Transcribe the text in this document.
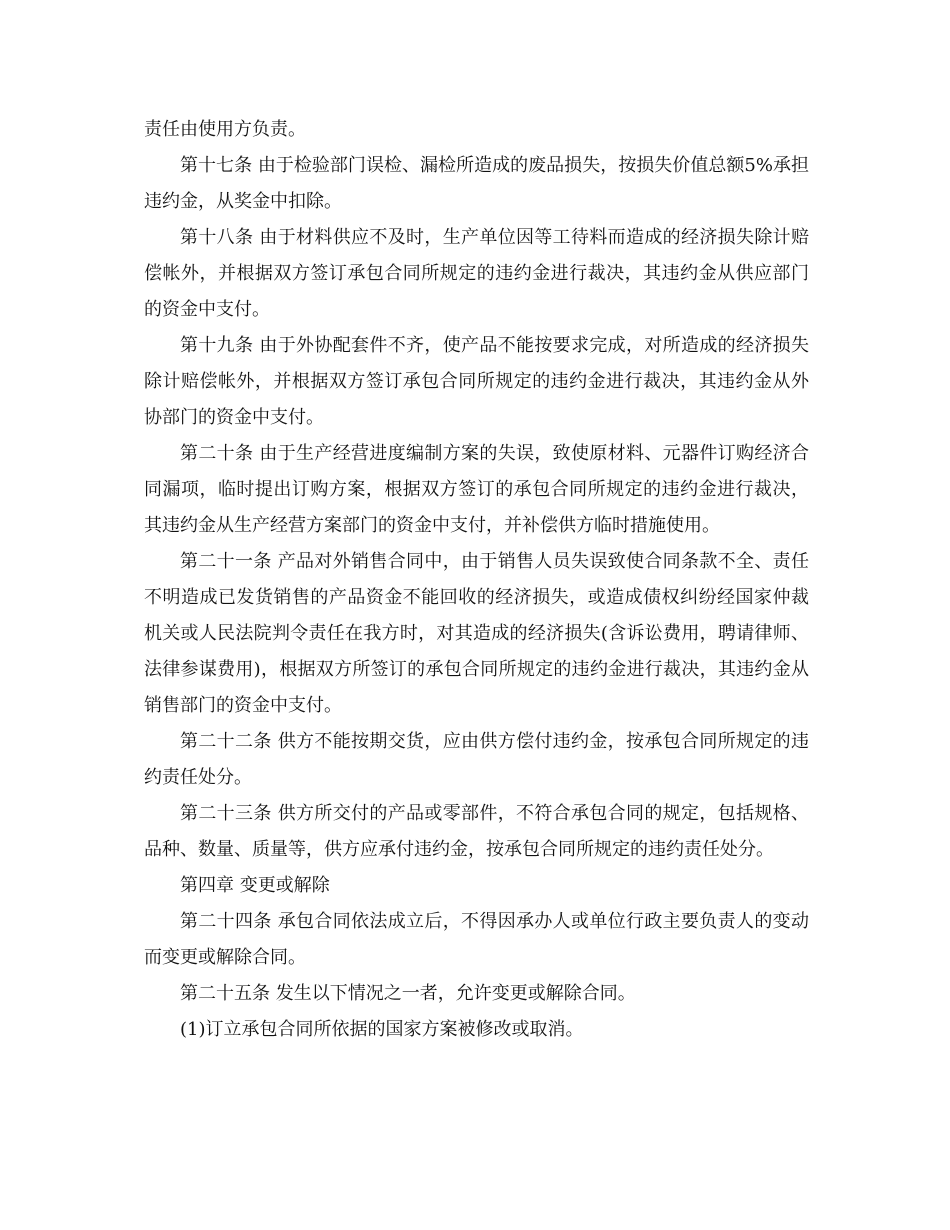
责任由使用方负责。

第十七条 由于检验部门误检、漏检所造成的废品损失，按损失价值总额5%承担违约金，从奖金中扣除。

第十八条 由于材料供应不及时，生产单位因等工待料而造成的经济损失除计赔偿帐外，并根据双方签订承包合同所规定的违约金进行裁决，其违约金从供应部门的资金中支付。

第十九条 由于外协配套件不齐，使产品不能按要求完成，对所造成的经济损失除计赔偿帐外，并根据双方签订承包合同所规定的违约金进行裁决，其违约金从外协部门的资金中支付。

第二十条 由于生产经营进度编制方案的失误，致使原材料、元器件订购经济合同漏项，临时提出订购方案，根据双方签订的承包合同所规定的违约金进行裁决，其违约金从生产经营方案部门的资金中支付，并补偿供方临时措施使用。

第二十一条 产品对外销售合同中，由于销售人员失误致使合同条款不全、责任不明造成已发货销售的产品资金不能回收的经济损失，或造成债权纠纷经国家仲裁机关或人民法院判令责任在我方时，对其造成的经济损失(含诉讼费用，聘请律师、法律参谋费用)，根据双方所签订的承包合同所规定的违约金进行裁决，其违约金从销售部门的资金中支付。

第二十二条 供方不能按期交货，应由供方偿付违约金，按承包合同所规定的违约责任处分。

第二十三条 供方所交付的产品或零部件，不符合承包合同的规定，包括规格、品种、数量、质量等，供方应承付违约金，按承包合同所规定的违约责任处分。

第四章 变更或解除

第二十四条 承包合同依法成立后，不得因承办人或单位行政主要负责人的变动而变更或解除合同。

第二十五条 发生以下情况之一者，允许变更或解除合同。

(1)订立承包合同所依据的国家方案被修改或取消。
